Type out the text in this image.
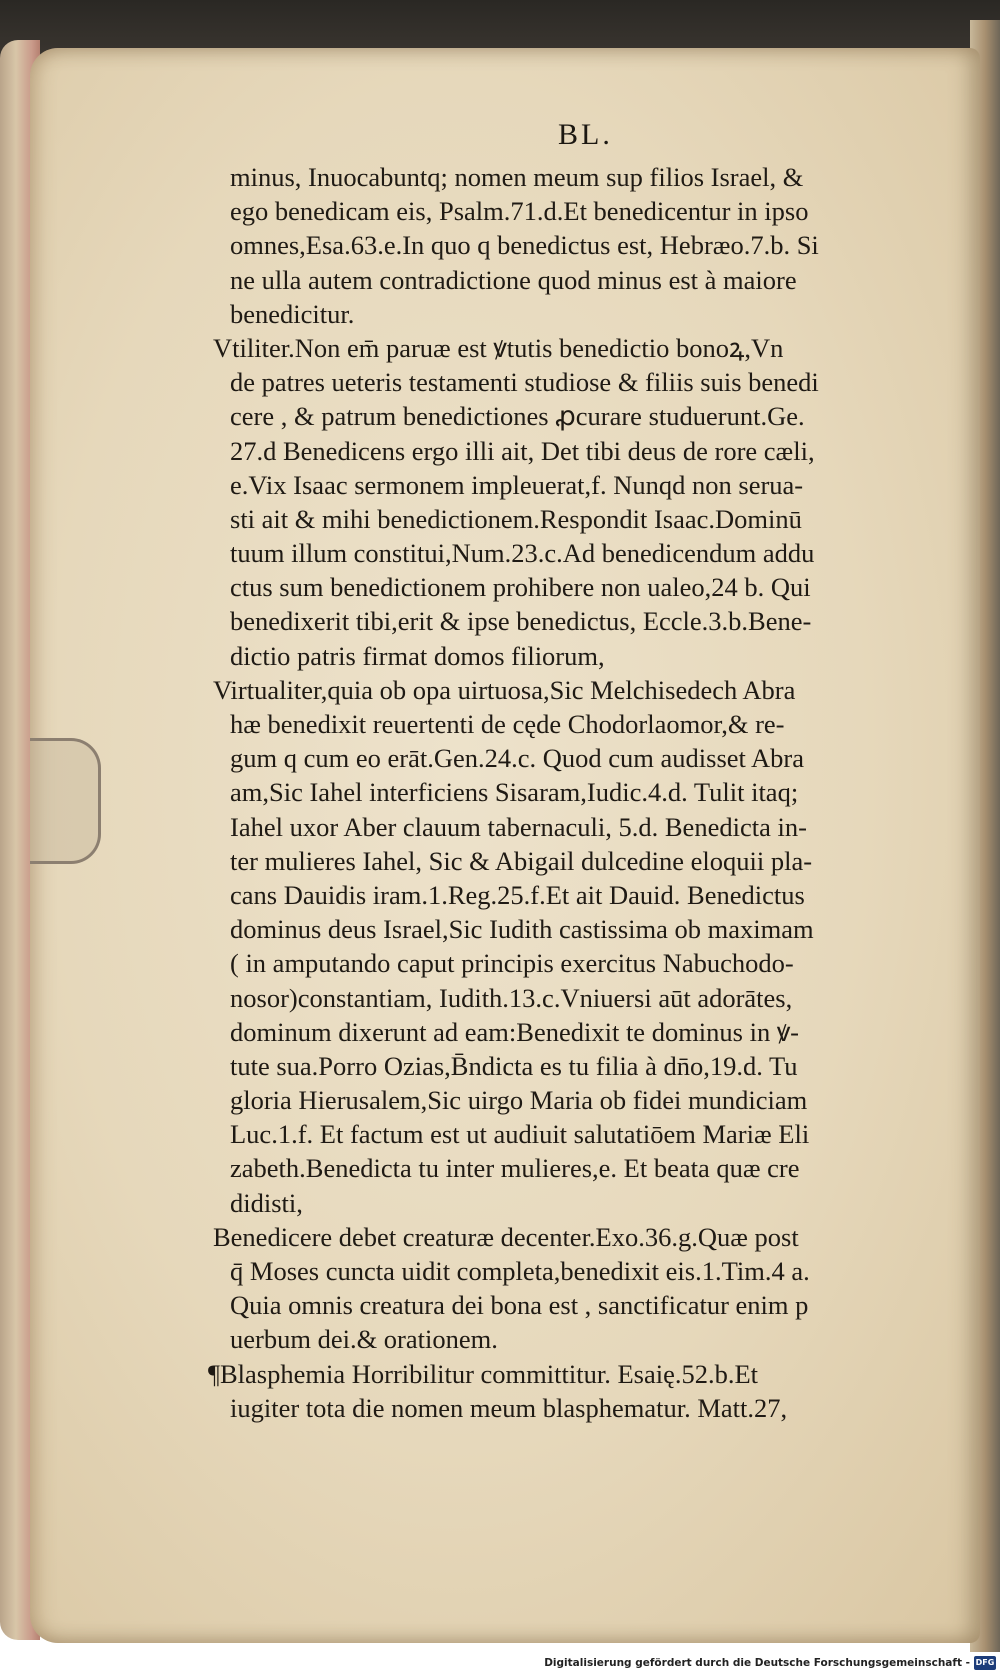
BL.
minus, Inuocabuntq; nomen meum sup filios Israel, &
ego benedicam eis, Psalm.71.d.Et benedicentur in ipso
omnes,Esa.63.e.In quo q benedictus est, Hebræo.7.b. Si
ne ulla autem contradictione quod minus est à maiore
benedicitur.
Vtiliter.Non em̄ paruæ est ꝟtutis benedictio bonoꝝ,Vn
de patres ueteris testamenti studiose & filiis suis benedi
cere , & patrum benedictiones ꝓcurare studuerunt.Ge.
27.d Benedicens ergo illi ait, Det tibi deus de rore cæli,
e.Vix Isaac sermonem impleuerat,f. Nunqd non serua-
sti ait & mihi benedictionem.Respondit Isaac.Dominū
tuum illum constitui,Num.23.c.Ad benedicendum addu
ctus sum benedictionem prohibere non ualeo,24 b. Qui
benedixerit tibi,erit & ipse benedictus, Eccle.3.b.Bene-
dictio patris firmat domos filiorum,
Virtualiter,quia ob opa uirtuosa,Sic Melchisedech Abra
hæ benedixit reuertenti de cęde Chodorlaomor,& re-
gum q cum eo erāt.Gen.24.c. Quod cum audisset Abra
am,Sic Iahel interficiens Sisaram,Iudic.4.d. Tulit itaq;
Iahel uxor Aber clauum tabernaculi, 5.d. Benedicta in-
ter mulieres Iahel, Sic & Abigail dulcedine eloquii pla-
cans Dauidis iram.1.Reg.25.f.Et ait Dauid. Benedictus
dominus deus Israel,Sic Iudith castissima ob maximam
( in amputando caput principis exercitus Nabuchodo-
nosor)constantiam, Iudith.13.c.Vniuersi aūt adorātes,
dominum dixerunt ad eam:Benedixit te dominus in ꝟ-
tute sua.Porro Ozias,B̄ndicta es tu filia à dn̄o,19.d. Tu
gloria Hierusalem,Sic uirgo Maria ob fidei mundiciam
Luc.1.f. Et factum est ut audiuit salutatiōem Mariæ Eli
zabeth.Benedicta tu inter mulieres,e. Et beata quæ cre
didisti,
Benedicere debet creaturæ decenter.Exo.36.g.Quæ post
q̄ Moses cuncta uidit completa,benedixit eis.1.Tim.4 a.
Quia omnis creatura dei bona est , sanctificatur enim p
uerbum dei.& orationem.
¶Blasphemia Horribilitur committitur. Esaię.52.b.Et
iugiter tota die nomen meum blasphematur. Matt.27,
Digitalisierung gefördert durch die Deutsche Forschungsgemeinschaft - DFG
